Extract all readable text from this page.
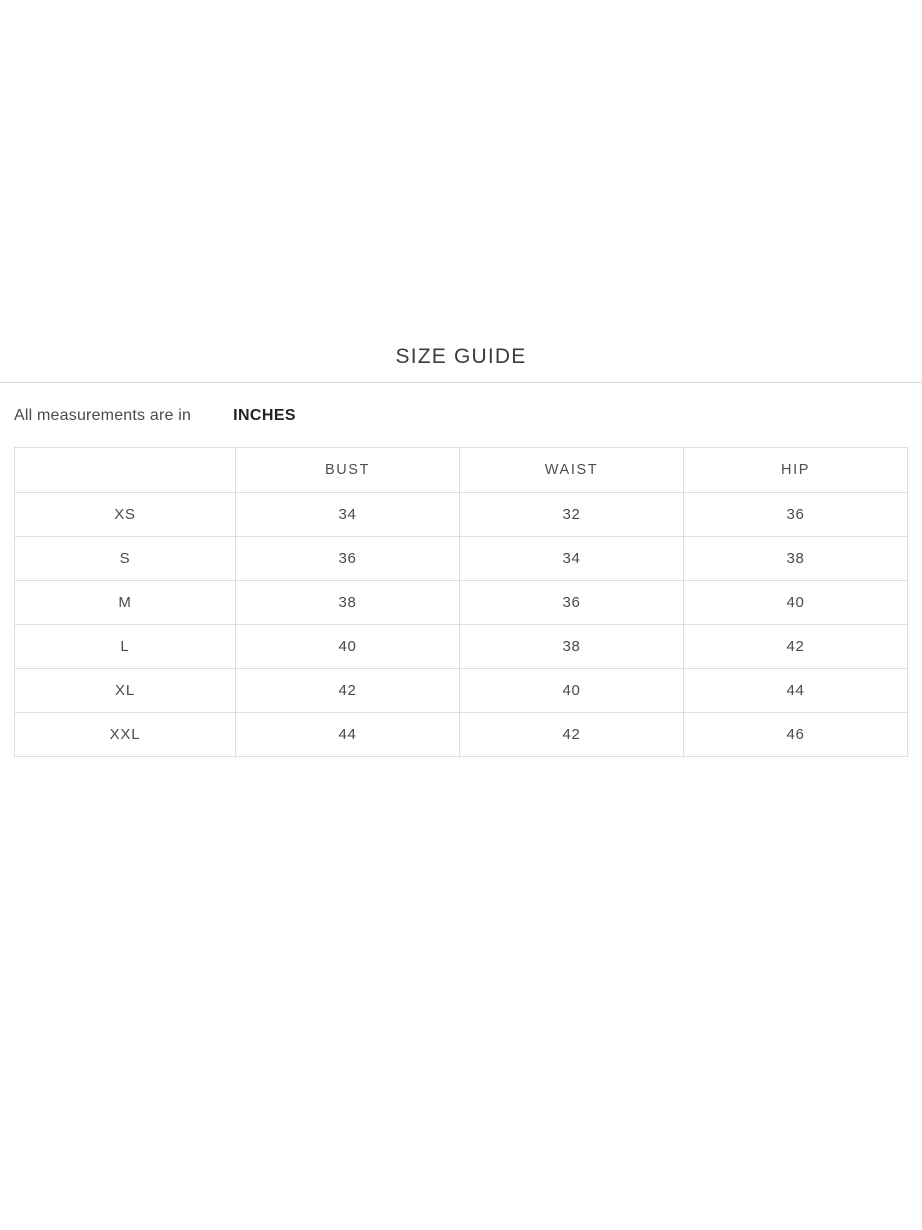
SIZE GUIDE
All measurements are in	INCHES
	BUST	WAIST	HIP
XS	34	32	36
S	36	34	38
M	38	36	40
L	40	38	42
XL	42	40	44
XXL	44	42	46
